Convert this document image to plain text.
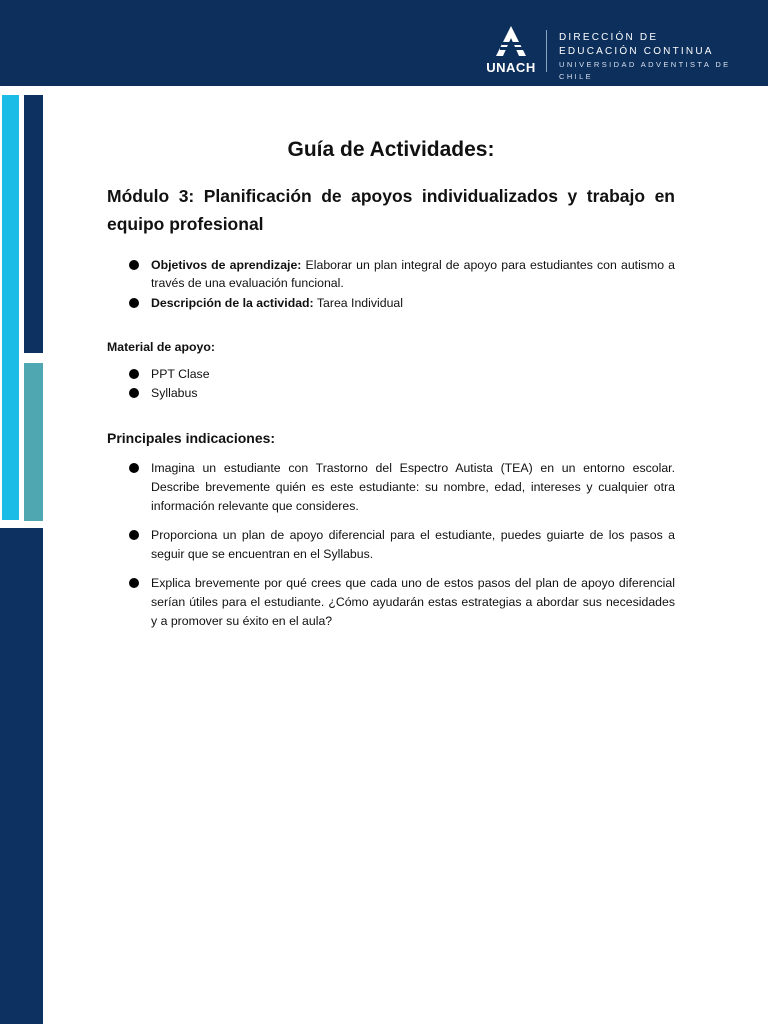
UNACH
DIRECCIÓN DE
EDUCACIÓN CONTINUA
UNIVERSIDAD ADVENTISTA DE CHILE
Guía de Actividades:
Módulo 3: Planificación de apoyos individualizados y trabajo en equipo profesional
Objetivos de aprendizaje: Elaborar un plan integral de apoyo para estudiantes con autismo a través de una evaluación funcional.
Descripción de la actividad: Tarea Individual

Material de apoyo:

PPT Clase
Syllabus

Principales indicaciones:

Imagina un estudiante con Trastorno del Espectro Autista (TEA) en un entorno escolar. Describe brevemente quién es este estudiante: su nombre, edad, intereses y cualquier otra información relevante que consideres.
Proporciona un plan de apoyo diferencial para el estudiante, puedes guiarte de los pasos a seguir que se encuentran en el Syllabus.
Explica brevemente por qué crees que cada uno de estos pasos del plan de apoyo diferencial serían útiles para el estudiante. ¿Cómo ayudarán estas estrategias a abordar sus necesidades y a promover su éxito en el aula?
